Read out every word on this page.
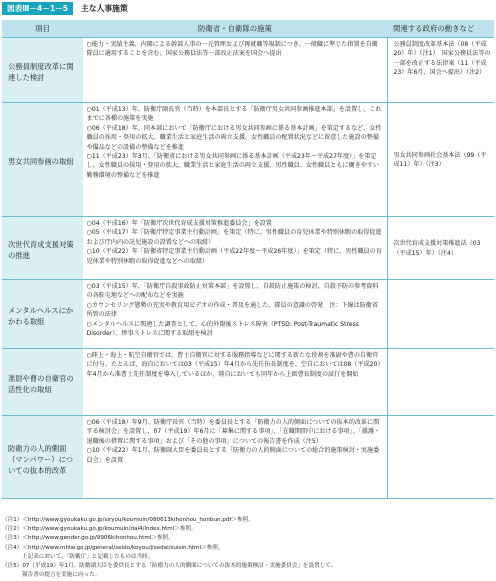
図表Ⅲ－4－1－5	主な人事施策
項目	防衛省・自衛隊の施策	関連する政府の動きなど
公務員制度改革に関連した検討	○能力・実績主義、内閣による幹部人事の一元管理および再就職等規制につき、一般職に準じた措置を自衛隊員に適用することを含む、国家公務員法等一部改正法案を国会へ提出	公務員制度改革基本法（08（平成20）年）（注1）　国家公務員法等の一部を改正する法律案（11（平成23）年6月、国会へ提出）（注2）
男女共同参画の取組	○01（平成13）年、防衛庁副長官（当時）を本部長とする「防衛庁男女共同参画推進本部」を設置し、これまでに各種の施策を実施

○06（平成18）年、同本部において「防衛庁における男女共同参画に係る基本計画」を策定するなど、女性職員の採用・登用の拡大、職業生活と家庭生活の両立支援、女性職員の配置状況などに留意した施設の整備や備品などの設備の整備などを推進

○11（平成23）年3月、「防衛省における男女共同参画に係る基本計画（平成23年～平成27年度）」を策定し、女性職員の採用・登用の拡大、職業生活と家庭生活の両立支援、男性職員、女性職員ともに働きやすい勤務環境の整備などを推進	男女共同参画社会基本法（99（平成11）年）（注3）
次世代育成支援対策の推進	○04（平成16）年「防衛庁次世代育成支援対策推進委員会」を設置

○05（平成17）年「防衛庁特定事業主行動計画」を策定（特に、男性職員の育児休業や特別休暇の取得促進および庁内内の託児施設の設置などへの取組）

○10（平成22）年「防衛省特定事業主行動計画（平成22年度～平成26年度）」を策定（特に、男性職員の育児休業や特別休暇の取得促進などへの取組）	次世代育成支援対策推進法（03（平成15）年）（注4）
メンタルヘルスにかかわる取組	○03（平成15）年、「防衛庁自殺事故防止対策本部」を設置し、自殺防止施策の検討、自殺予防の参考資料の各駐屯地などへの配布などを実施

○カウンセリング態勢の充実や教育用ビデオの作成・普及を通した、隊員の意識の啓発　注：下線は防衛省所管の法律

○メンタルヘルスに関連した調査として、心的外傷後ストレス障害（PTSD: Post-Traumatic Stress Disorder）、惨事ストレスに関する取組を検討	

准尉や曹の自衛官の活性化の取組	○陸上・海上・航空自衛官では、曹士自衛官に対する服務指導などに関する新たな役割を准尉や曹の自衛官に付与。たとえば、海自においては03（平成15）年4月から先任伍長制度を、空自においては08（平成20）年4月から准曹士先任制度を導入しているほか、陸自においても同年から上級曹長制度の試行を開始	

防衛力の人的側面（マンパワー）についての抜本的改革	○06（平成18）年9月、防衛庁長官（当時）を委員長とする「防衛力の人的側面についての抜本的改革に関する検討会」を設置し、07（平成19）年6月に「募集に関する事項」、「在職期間中における事項」、「援護・退職後の措置に関する事項」および「その他の事項」についての報告書を作成（注5）

○10（平成22）年1月、防衛副大臣を委員長とする「防衛力の人的側面についての総合的施策検討・実施委員会」を設置	

（注1）＜http://www.gyoukaku.go.jp/siryou/koumuin/080613kihonhou_honbun.pdf＞参照。
（注2）＜http://www.gyoukaku.go.jp/koumuin/dai4/index.html＞参照。
（注3）＜http://www.gender.go.jp/9906kihonhou.html＞参照。
（注4）＜http://www.mhlw.go.jp/general/seido/koyou/jisedai/suisin.html＞参照。
上記表において、「防衛庁」と記載したものは当時。
（注5）07（平成19）年1月、防衛副大臣を委員長とする「防衛力の人的側面についての抜本的施策検討・実施委員会」を設置して、
報告書の提言を実施に向った。
